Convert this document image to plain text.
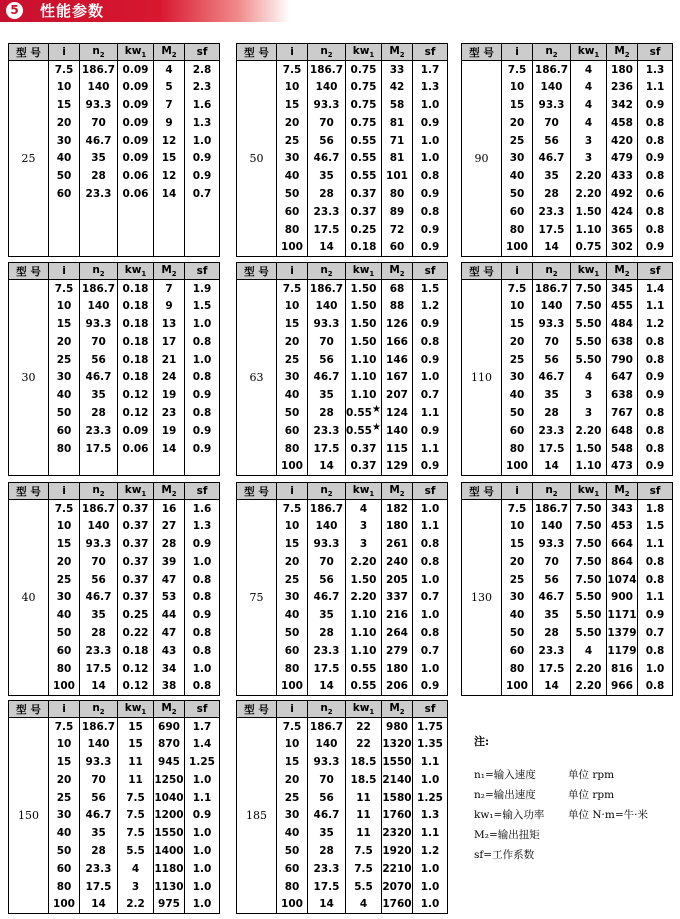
5 性能参数
型 号	i	$n_2$	$kw_1$	$M_2$	sf
25	7.5	186.7	0.09	4	2.8
	10	140	0.09	5	2.3
	15	93.3	0.09	7	1.6
	20	70	0.09	9	1.3
	30	46.7	0.09	12	1.0
	40	35	0.09	15	0.9
	50	28	0.06	12	0.9
	60	23.3	0.06	14	0.7

型 号	i	$n_2$	$kw_1$	$M_2$	sf
50	7.5	186.7	0.75	33	1.7
	10	140	0.75	42	1.3
	15	93.3	0.75	58	1.0
	20	70	0.75	81	0.9
	25	56	0.55	71	1.0
	30	46.7	0.55	81	1.0
	40	35	0.55	101	0.8
	50	28	0.37	80	0.9
	60	23.3	0.37	89	0.8
	80	17.5	0.25	72	0.9
	100	14	0.18	60	0.9
型 号	i	$n_2$	$kw_1$	$M_2$	sf
90	7.5	186.7	4	180	1.3
	10	140	4	236	1.1
	15	93.3	4	342	0.9
	20	70	4	458	0.8
	25	56	3	420	0.8
	30	46.7	3	479	0.9
	40	35	2.20	433	0.8
	50	28	2.20	492	0.6
	60	23.3	1.50	424	0.8
	80	17.5	1.10	365	0.8
	100	14	0.75	302	0.9
型 号	i	$n_2$	$kw_1$	$M_2$	sf
30	7.5	186.7	0.18	7	1.9
	10	140	0.18	9	1.5
	15	93.3	0.18	13	1.0
	20	70	0.18	17	0.8
	25	56	0.18	21	1.0
	30	46.7	0.18	24	0.8
	40	35	0.12	19	0.9
	50	28	0.12	23	0.8
	60	23.3	0.09	19	0.9
	80	17.5	0.06	14	0.9

型 号	i	$n_2$	$kw_1$	$M_2$	sf
63	7.5	186.7	1.50	68	1.5
	10	140	1.50	88	1.2
	15	93.3	1.50	126	0.9
	20	70	1.50	166	0.8
	25	56	1.10	146	0.9
	30	46.7	1.10	167	1.0
	40	35	1.10	207	0.7
	50	28	0.55★	124	1.1
	60	23.3	0.55★	140	0.9
	80	17.5	0.37	115	1.1
	100	14	0.37	129	0.9
型 号	i	$n_2$	$kw_1$	$M_2$	sf
110	7.5	186.7	7.50	345	1.4
	10	140	7.50	455	1.1
	15	93.3	5.50	484	1.2
	20	70	5.50	638	0.8
	25	56	5.50	790	0.8
	30	46.7	4	647	0.9
	40	35	3	638	0.9
	50	28	3	767	0.8
	60	23.3	2.20	648	0.8
	80	17.5	1.50	548	0.8
	100	14	1.10	473	0.9
型 号	i	$n_2$	$kw_1$	$M_2$	sf
40	7.5	186.7	0.37	16	1.6
	10	140	0.37	27	1.3
	15	93.3	0.37	28	0.9
	20	70	0.37	39	1.0
	25	56	0.37	47	0.8
	30	46.7	0.37	53	0.8
	40	35	0.25	44	0.9
	50	28	0.22	47	0.8
	60	23.3	0.18	43	0.8
	80	17.5	0.12	34	1.0
	100	14	0.12	38	0.8
型 号	i	$n_2$	$kw_1$	$M_2$	sf
75	7.5	186.7	4	182	1.0
	10	140	3	180	1.1
	15	93.3	3	261	0.8
	20	70	2.20	240	0.8
	25	56	1.50	205	1.0
	30	46.7	2.20	337	0.7
	40	35	1.10	216	1.0
	50	28	1.10	264	0.8
	60	23.3	1.10	279	0.7
	80	17.5	0.55	180	1.0
	100	14	0.55	206	0.9
型 号	i	$n_2$	$kw_1$	$M_2$	sf
130	7.5	186.7	7.50	343	1.8
	10	140	7.50	453	1.5
	15	93.3	7.50	664	1.1
	20	70	7.50	864	0.8
	25	56	7.50	1074	0.8
	30	46.7	5.50	900	1.1
	40	35	5.50	1171	0.9
	50	28	5.50	1379	0.7
	60	23.3	4	1179	0.8
	80	17.5	2.20	816	1.0
	100	14	2.20	966	0.8
型 号	i	$n_2$	$kw_1$	$M_2$	sf
150	7.5	186.7	15	690	1.7
	10	140	15	870	1.4
	15	93.3	11	945	1.25
	20	70	11	1250	1.0
	25	56	7.5	1040	1.1
	30	46.7	7.5	1200	0.9
	40	35	7.5	1550	1.0
	50	28	5.5	1400	1.0
	60	23.3	4	1180	1.0
	80	17.5	3	1130	1.0
	100	14	2.2	975	1.0
型 号	i	$n_2$	$kw_1$	$M_2$	sf
185	7.5	186.7	22	980	1.75
	10	140	22	1320	1.35
	15	93.3	18.5	1550	1.1
	20	70	18.5	2140	1.0
	25	56	11	1580	1.25
	30	46.7	11	1760	1.3
	40	35	11	2320	1.1
	50	28	7.5	1920	1.2
	60	23.3	7.5	2210	1.0
	80	17.5	5.5	2070	1.0
	100	14	4	1760	1.0
注:
n₁=输入速度	单位 rpm
n₂=输出速度	单位 rpm
kw₁=输入功率 单位 N·m=牛·米
M₂=输出扭矩
sf=工作系数
